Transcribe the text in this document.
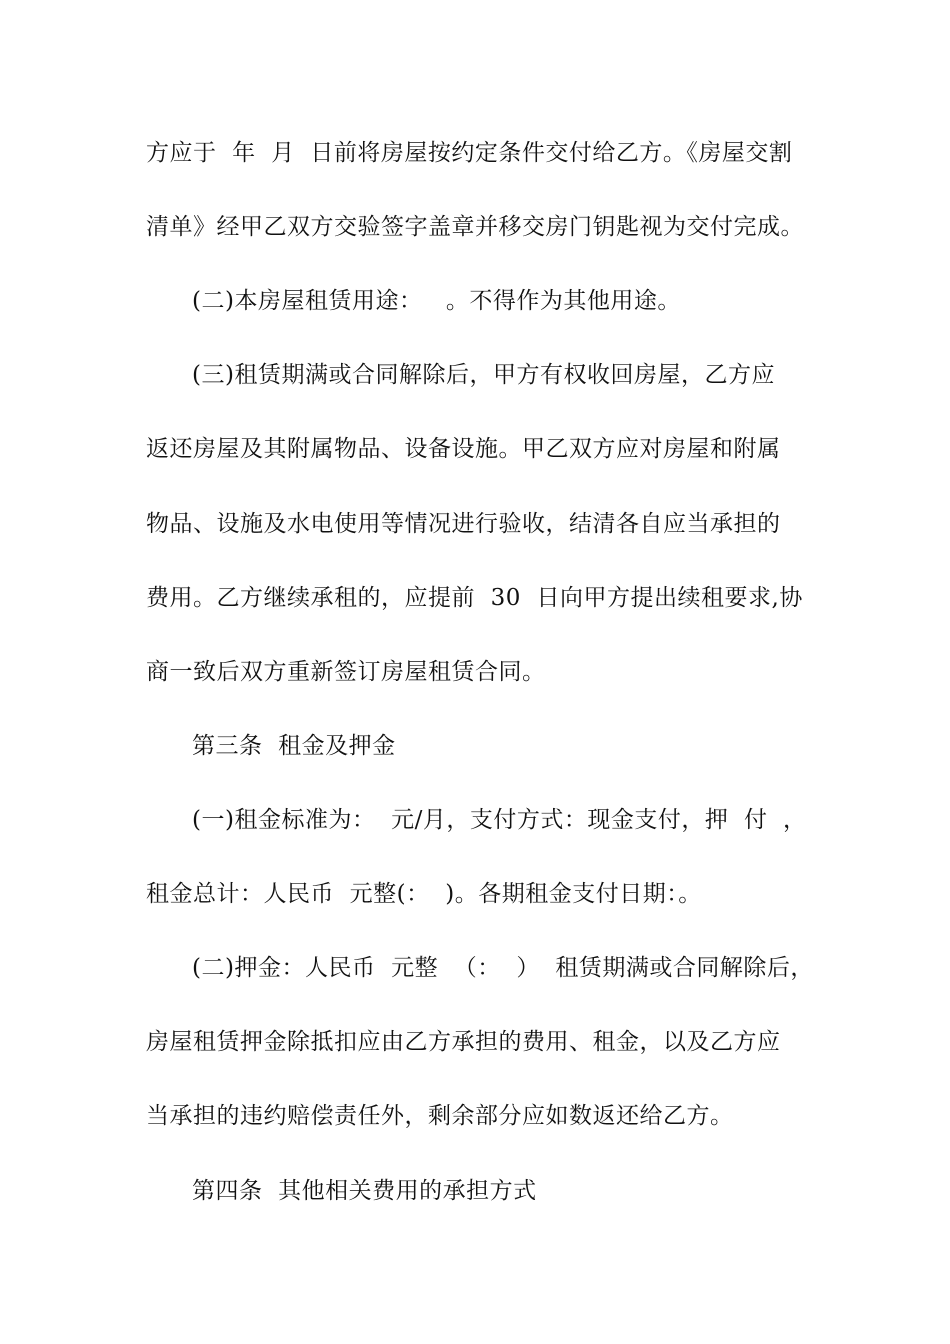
方应于  年  月  日前将房屋按约定条件交付给乙方。《房屋交割
清单》经甲乙双方交验签字盖章并移交房门钥匙视为交付完成。
(二)本房屋租赁用途：   。不得作为其他用途。
(三)租赁期满或合同解除后，甲方有权收回房屋，乙方应
返还房屋及其附属物品、设备设施。甲乙双方应对房屋和附属
物品、设施及水电使用等情况进行验收，结清各自应当承担的
费用。乙方继续承租的，应提前  30  日向甲方提出续租要求,协
商一致后双方重新签订房屋租赁合同。
第三条  租金及押金
(一)租金标准为：  元/月，支付方式：现金支付，押  付  ，
租金总计：人民币  元整(：  )。各期租金支付日期：。
(二)押金：人民币  元整  （：  ）  租赁期满或合同解除后，
房屋租赁押金除抵扣应由乙方承担的费用、租金，以及乙方应
当承担的违约赔偿责任外，剩余部分应如数返还给乙方。
第四条  其他相关费用的承担方式
